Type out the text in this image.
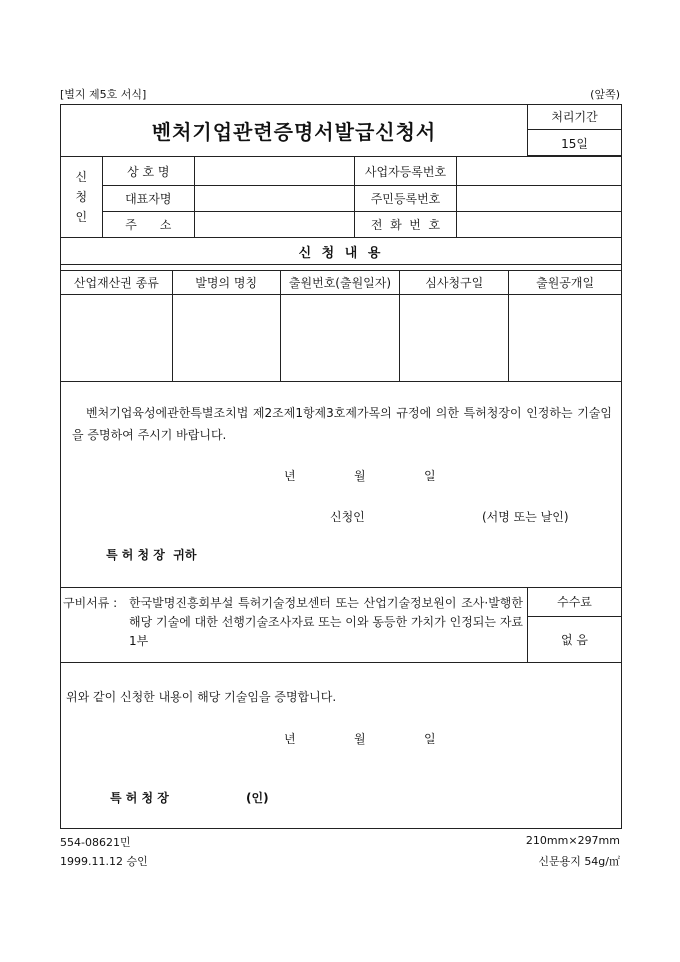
[별지 제5호 서식]	(앞쪽)
벤처기업관련증명서발급신청서
처리기간
15일
신
청
인	상 호 명		사업자등록번호	
	대표자명		주민등록번호	
	주      소		전  화  번  호	
신 청 내 용				
산업재산권 종류	발명의 명칭	출원번호(출원일자)	심사청구일	출원공개일

벤처기업육성에관한특별조치법 제2조제1항제3호제가목의 규정에 의한 특허청장이 인정하는 기술임을 증명하여 주시기 바랍니다.
년	월	일
신청인	(서명 또는 날인)
특 허 청 장  귀하
구비서류 : 한국발명진흥회부설 특허기술정보센터 또는 산업기술정보원이 조사·발행한 해당 기술에 대한 선행기술조사자료 또는 이와 동등한 가치가 인정되는 자료 1부
수수료
없 음
위와 같이 신청한 내용이 해당 기술임을 증명합니다.
년	월	일
특 허 청 장	(인)
554-08621민
1999.11.12 승인
210mm×297mm
신문용지 54g/㎡
